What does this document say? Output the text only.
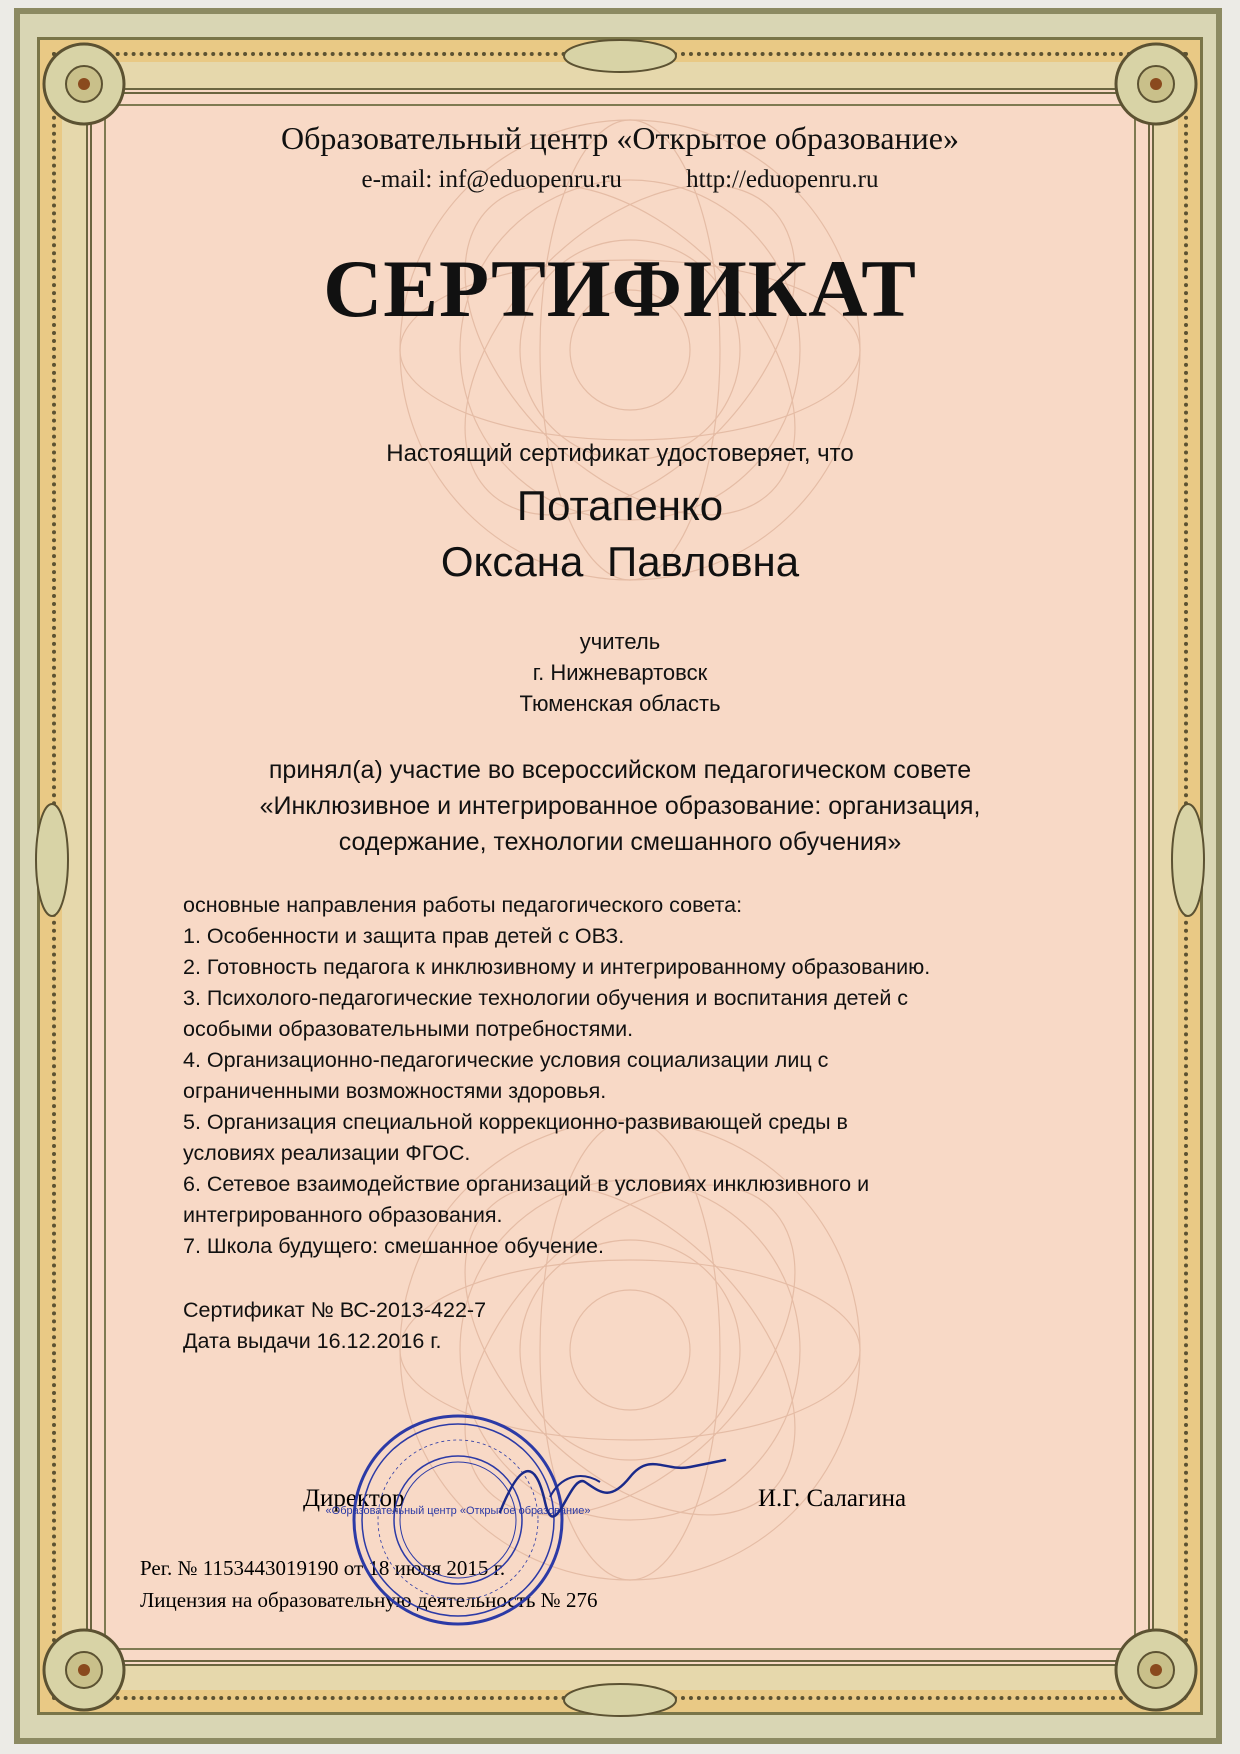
Образовательный центр «Открытое образование»
e-mail: inf@eduopenru.ru	http://eduopenru.ru
СЕРТИФИКАТ
Настоящий сертификат удостоверяет, что
Потапенко
Оксана Павловна
учитель
г. Нижневартовск
Тюменская область
принял(а) участие во всероссийском педагогическом совете
«Инклюзивное и интегрированное образование: организация,
содержание, технологии смешанного обучения»

основные направления работы педагогического совета:

1. Особенности и защита прав детей с ОВЗ.

2. Готовность педагога к инклюзивному и интегрированному образованию.

3. Психолого-педагогические технологии обучения и воспитания детей с

особыми образовательными потребностями.

4. Организационно-педагогические условия социализации лиц с

ограниченными возможностями здоровья.

5. Организация специальной коррекционно-развивающей среды в

условиях реализации ФГОС.

6. Сетевое взаимодействие организаций в условиях инклюзивного и

интегрированного образования.

7. Школа будущего: смешанное обучение.

Сертификат № ВС-2013-422-7

Дата выдачи 16.12.2016 г.

Директор	И.Г. Салагина
Рег. № 1153443019190 от 18 июля 2015 г.
Лицензия на образовательную деятельность № 276
«Образовательный центр «Открытое образование»
